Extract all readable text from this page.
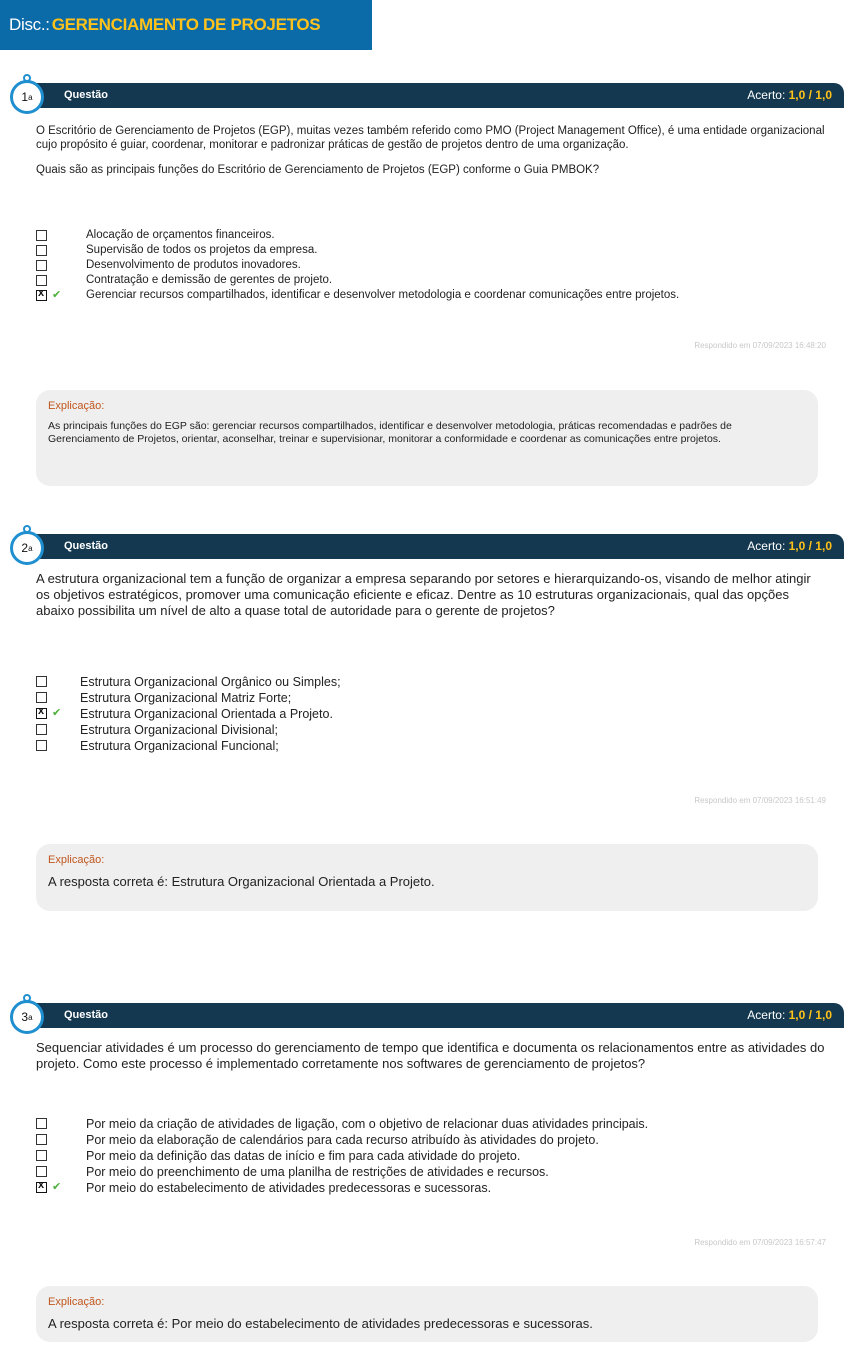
Disc.: GERENCIAMENTO DE PROJETOS
Questão	Acerto: 1,0 / 1,0
1 a

O Escritório de Gerenciamento de Projetos (EGP), muitas vezes também referido como PMO (Project Management Office), é uma entidade organizacional cujo propósito é guiar, coordenar, monitorar e padronizar práticas de gestão de projetos dentro de uma organização.

Quais são as principais funções do Escritório de Gerenciamento de Projetos (EGP) conforme o Guia PMBOK?

Alocação de orçamentos financeiros.
Supervisão de todos os projetos da empresa.
Desenvolvimento de produtos inovadores.
Contratação e demissão de gerentes de projeto.
x
✔ Gerenciar recursos compartilhados, identificar e desenvolver metodologia e coordenar comunicações entre projetos.
Respondido em 07/09/2023 16:48:20
Explicação:
As principais funções do EGP são: gerenciar recursos compartilhados, identificar e desenvolver metodologia, práticas recomendadas e padrões de Gerenciamento de Projetos, orientar, aconselhar, treinar e supervisionar, monitorar a conformidade e coordenar as comunicações entre projetos.
Questão	Acerto: 1,0 / 1,0
2 a

A estrutura organizacional tem a função de organizar a empresa separando por setores e hierarquizando-os, visando de melhor atingir os objetivos estratégicos, promover uma comunicação eficiente e eficaz. Dentre as 10 estruturas organizacionais, qual das opções abaixo possibilita um nível de alto a quase total de autoridade para o gerente de projetos?

Estrutura Organizacional Orgânico ou Simples;
Estrutura Organizacional Matriz Forte;
x
✔ Estrutura Organizacional Orientada a Projeto.
Estrutura Organizacional Divisional;
Estrutura Organizacional Funcional;
Respondido em 07/09/2023 16:51:49
Explicação:
A resposta correta é: Estrutura Organizacional Orientada a Projeto.
Questão	Acerto: 1,0 / 1,0
3 a

Sequenciar atividades é um processo do gerenciamento de tempo que identifica e documenta os relacionamentos entre as atividades do projeto. Como este processo é implementado corretamente nos softwares de gerenciamento de projetos?

Por meio da criação de atividades de ligação, com o objetivo de relacionar duas atividades principais.
Por meio da elaboração de calendários para cada recurso atribuído às atividades do projeto.
Por meio da definição das datas de início e fim para cada atividade do projeto.
Por meio do preenchimento de uma planilha de restrições de atividades e recursos.
x
✔ Por meio do estabelecimento de atividades predecessoras e sucessoras.
Respondido em 07/09/2023 16:57:47
Explicação:
A resposta correta é: Por meio do estabelecimento de atividades predecessoras e sucessoras.
